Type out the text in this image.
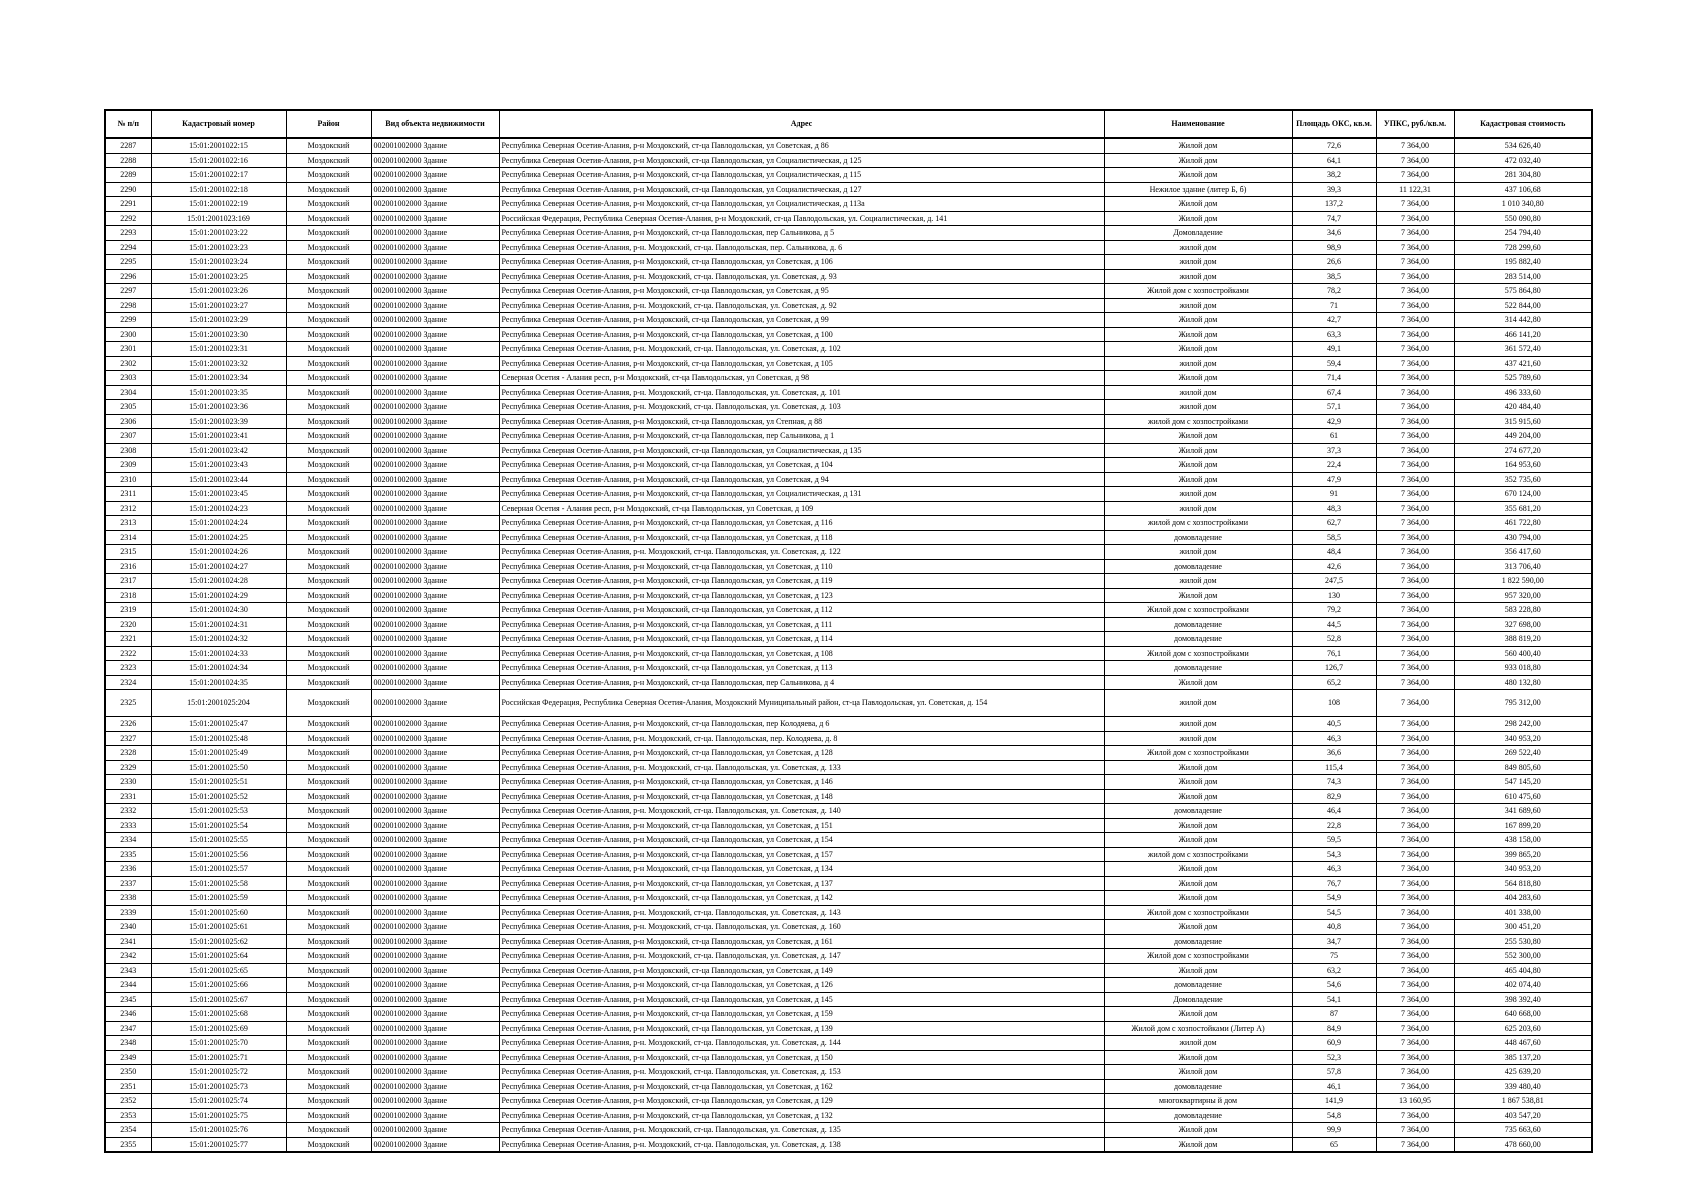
№ п/п	Кадастровый номер	Район	Вид объекта недвижимости	Адрес	Наименование	Площадь ОКС, кв.м.	УПКС, руб./кв.м.	Кадастровая стоимость
2287	15:01:2001022:15	Моздокский	002001002000 Здание	Республика Северная Осетия-Алания, р-н Моздокский, ст-ца Павлодольская, ул Советская, д 86	Жилой дом	72,6	7 364,00	534 626,40
2288	15:01:2001022:16	Моздокский	002001002000 Здание	Республика Северная Осетия-Алания, р-н Моздокский, ст-ца Павлодольская, ул Социалистическая, д 125	Жилой дом	64,1	7 364,00	472 032,40
2289	15:01:2001022:17	Моздокский	002001002000 Здание	Республика Северная Осетия-Алания, р-н Моздокский, ст-ца Павлодольская, ул Социалистическая, д 115	Жилой дом	38,2	7 364,00	281 304,80
2290	15:01:2001022:18	Моздокский	002001002000 Здание	Республика Северная Осетия-Алания, р-н Моздокский, ст-ца Павлодольская, ул Социалистическая, д 127	Нежилое здание (литер Б, б)	39,3	11 122,31	437 106,68
2291	15:01:2001022:19	Моздокский	002001002000 Здание	Республика Северная Осетия-Алания, р-н Моздокский, ст-ца Павлодольская, ул Социалистическая, д 113а	Жилой дом	137,2	7 364,00	1 010 340,80
2292	15:01:2001023:169	Моздокский	002001002000 Здание	Российская Федерация, Республика Северная Осетия-Алания, р-н Моздокский, ст-ца Павлодольская, ул. Социалистическая, д. 141	Жилой дом	74,7	7 364,00	550 090,80
2293	15:01:2001023:22	Моздокский	002001002000 Здание	Республика Северная Осетия-Алания, р-н Моздокский, ст-ца Павлодольская, пер Сальникова, д 5	Домовладение	34,6	7 364,00	254 794,40
2294	15:01:2001023:23	Моздокский	002001002000 Здание	Республика Северная Осетия-Алания, р-н. Моздокский, ст-ца. Павлодольская, пер. Сальникова, д. 6	жилой дом	98,9	7 364,00	728 299,60
2295	15:01:2001023:24	Моздокский	002001002000 Здание	Республика Северная Осетия-Алания, р-н Моздокский, ст-ца Павлодольская, ул Советская, д 106	жилой дом	26,6	7 364,00	195 882,40
2296	15:01:2001023:25	Моздокский	002001002000 Здание	Республика Северная Осетия-Алания, р-н. Моздокский, ст-ца. Павлодольская, ул. Советская, д. 93	жилой дом	38,5	7 364,00	283 514,00
2297	15:01:2001023:26	Моздокский	002001002000 Здание	Республика Северная Осетия-Алания, р-н Моздокский, ст-ца Павлодольская, ул Советская, д 95	Жилой дом с хозпостройками	78,2	7 364,00	575 864,80
2298	15:01:2001023:27	Моздокский	002001002000 Здание	Республика Северная Осетия-Алания, р-н. Моздокский, ст-ца. Павлодольская, ул. Советская, д. 92	жилой дом	71	7 364,00	522 844,00
2299	15:01:2001023:29	Моздокский	002001002000 Здание	Республика Северная Осетия-Алания, р-н Моздокский, ст-ца Павлодольская, ул Советская, д 99	Жилой дом	42,7	7 364,00	314 442,80
2300	15:01:2001023:30	Моздокский	002001002000 Здание	Республика Северная Осетия-Алания, р-н Моздокский, ст-ца Павлодольская, ул Советская, д 100	Жилой дом	63,3	7 364,00	466 141,20
2301	15:01:2001023:31	Моздокский	002001002000 Здание	Республика Северная Осетия-Алания, р-н. Моздокский, ст-ца. Павлодольская, ул. Советская, д. 102	Жилой дом	49,1	7 364,00	361 572,40
2302	15:01:2001023:32	Моздокский	002001002000 Здание	Республика Северная Осетия-Алания, р-н Моздокский, ст-ца Павлодольская, ул Советская, д 105	жилой дом	59,4	7 364,00	437 421,60
2303	15:01:2001023:34	Моздокский	002001002000 Здание	Северная Осетия - Алания респ, р-н Моздокский, ст-ца Павлодольская, ул Советская, д 98	Жилой дом	71,4	7 364,00	525 789,60
2304	15:01:2001023:35	Моздокский	002001002000 Здание	Республика Северная Осетия-Алания, р-н. Моздокский, ст-ца. Павлодольская, ул. Советская, д. 101	жилой дом	67,4	7 364,00	496 333,60
2305	15:01:2001023:36	Моздокский	002001002000 Здание	Республика Северная Осетия-Алания, р-н. Моздокский, ст-ца. Павлодольская, ул. Советская, д. 103	жилой дом	57,1	7 364,00	420 484,40
2306	15:01:2001023:39	Моздокский	002001002000 Здание	Республика Северная Осетия-Алания, р-н Моздокский, ст-ца Павлодольская, ул Степная, д 88	жилой дом с хозпостройками	42,9	7 364,00	315 915,60
2307	15:01:2001023:41	Моздокский	002001002000 Здание	Республика Северная Осетия-Алания, р-н Моздокский, ст-ца Павлодольская, пер Сальникова, д 1	Жилой дом	61	7 364,00	449 204,00
2308	15:01:2001023:42	Моздокский	002001002000 Здание	Республика Северная Осетия-Алания, р-н Моздокский, ст-ца Павлодольская, ул Социалистическая, д 135	Жилой дом	37,3	7 364,00	274 677,20
2309	15:01:2001023:43	Моздокский	002001002000 Здание	Республика Северная Осетия-Алания, р-н Моздокский, ст-ца Павлодольская, ул Советская, д 104	Жилой дом	22,4	7 364,00	164 953,60
2310	15:01:2001023:44	Моздокский	002001002000 Здание	Республика Северная Осетия-Алания, р-н Моздокский, ст-ца Павлодольская, ул Советская, д 94	Жилой дом	47,9	7 364,00	352 735,60
2311	15:01:2001023:45	Моздокский	002001002000 Здание	Республика Северная Осетия-Алания, р-н Моздокский, ст-ца Павлодольская, ул Социалистическая, д 131	жилой дом	91	7 364,00	670 124,00
2312	15:01:2001024:23	Моздокский	002001002000 Здание	Северная Осетия - Алания респ, р-н Моздокский, ст-ца Павлодольская, ул Советская, д 109	жилой дом	48,3	7 364,00	355 681,20
2313	15:01:2001024:24	Моздокский	002001002000 Здание	Республика Северная Осетия-Алания, р-н Моздокский, ст-ца Павлодольская, ул Советская, д 116	жилой дом с хозпостройками	62,7	7 364,00	461 722,80
2314	15:01:2001024:25	Моздокский	002001002000 Здание	Республика Северная Осетия-Алания, р-н Моздокский, ст-ца Павлодольская, ул Советская, д 118	домовладение	58,5	7 364,00	430 794,00
2315	15:01:2001024:26	Моздокский	002001002000 Здание	Республика Северная Осетия-Алания, р-н. Моздокский, ст-ца. Павлодольская, ул. Советская, д. 122	жилой дом	48,4	7 364,00	356 417,60
2316	15:01:2001024:27	Моздокский	002001002000 Здание	Республика Северная Осетия-Алания, р-н Моздокский, ст-ца Павлодольская, ул Советская, д 110	домовладение	42,6	7 364,00	313 706,40
2317	15:01:2001024:28	Моздокский	002001002000 Здание	Республика Северная Осетия-Алания, р-н Моздокский, ст-ца Павлодольская, ул Советская, д 119	жилой дом	247,5	7 364,00	1 822 590,00
2318	15:01:2001024:29	Моздокский	002001002000 Здание	Республика Северная Осетия-Алания, р-н Моздокский, ст-ца Павлодольская, ул Советская, д 123	Жилой дом	130	7 364,00	957 320,00
2319	15:01:2001024:30	Моздокский	002001002000 Здание	Республика Северная Осетия-Алания, р-н Моздокский, ст-ца Павлодольская, ул Советская, д 112	Жилой дом с хозпостройками	79,2	7 364,00	583 228,80
2320	15:01:2001024:31	Моздокский	002001002000 Здание	Республика Северная Осетия-Алания, р-н Моздокский, ст-ца Павлодольская, ул Советская, д 111	домовладение	44,5	7 364,00	327 698,00
2321	15:01:2001024:32	Моздокский	002001002000 Здание	Республика Северная Осетия-Алания, р-н Моздокский, ст-ца Павлодольская, ул Советская, д 114	домовладение	52,8	7 364,00	388 819,20
2322	15:01:2001024:33	Моздокский	002001002000 Здание	Республика Северная Осетия-Алания, р-н Моздокский, ст-ца Павлодольская, ул Советская, д 108	Жилой дом с хозпостройками	76,1	7 364,00	560 400,40
2323	15:01:2001024:34	Моздокский	002001002000 Здание	Республика Северная Осетия-Алания, р-н Моздокский, ст-ца Павлодольская, ул Советская, д 113	домовладение	126,7	7 364,00	933 018,80
2324	15:01:2001024:35	Моздокский	002001002000 Здание	Республика Северная Осетия-Алания, р-н Моздокский, ст-ца Павлодольская, пер Сальникова, д 4	Жилой дом	65,2	7 364,00	480 132,80
2325	15:01:2001025:204	Моздокский	002001002000 Здание	Российская Федерация, Республика Северная Осетия-Алания, Моздокский Муниципальный район, ст-ца Павлодольская, ул. Советская, д. 154	жилой дом	108	7 364,00	795 312,00
2326	15:01:2001025:47	Моздокский	002001002000 Здание	Республика Северная Осетия-Алания, р-н Моздокский, ст-ца Павлодольская, пер Колодяева, д 6	жилой дом	40,5	7 364,00	298 242,00
2327	15:01:2001025:48	Моздокский	002001002000 Здание	Республика Северная Осетия-Алания, р-н. Моздокский, ст-ца. Павлодольская, пер. Колодяева, д. 8	жилой дом	46,3	7 364,00	340 953,20
2328	15:01:2001025:49	Моздокский	002001002000 Здание	Республика Северная Осетия-Алания, р-н Моздокский, ст-ца Павлодольская, ул Советская, д 128	Жилой дом с хозпостройками	36,6	7 364,00	269 522,40
2329	15:01:2001025:50	Моздокский	002001002000 Здание	Республика Северная Осетия-Алания, р-н. Моздокский, ст-ца. Павлодольская, ул. Советская, д. 133	Жилой дом	115,4	7 364,00	849 805,60
2330	15:01:2001025:51	Моздокский	002001002000 Здание	Республика Северная Осетия-Алания, р-н Моздокский, ст-ца Павлодольская, ул Советская, д 146	Жилой дом	74,3	7 364,00	547 145,20
2331	15:01:2001025:52	Моздокский	002001002000 Здание	Республика Северная Осетия-Алания, р-н Моздокский, ст-ца Павлодольская, ул Советская, д 148	Жилой дом	82,9	7 364,00	610 475,60
2332	15:01:2001025:53	Моздокский	002001002000 Здание	Республика Северная Осетия-Алания, р-н. Моздокский, ст-ца. Павлодольская, ул. Советская, д. 140	домовладение	46,4	7 364,00	341 689,60
2333	15:01:2001025:54	Моздокский	002001002000 Здание	Республика Северная Осетия-Алания, р-н Моздокский, ст-ца Павлодольская, ул Советская, д 151	Жилой дом	22,8	7 364,00	167 899,20
2334	15:01:2001025:55	Моздокский	002001002000 Здание	Республика Северная Осетия-Алания, р-н Моздокский, ст-ца Павлодольская, ул Советская, д 154	Жилой дом	59,5	7 364,00	438 158,00
2335	15:01:2001025:56	Моздокский	002001002000 Здание	Республика Северная Осетия-Алания, р-н Моздокский, ст-ца Павлодольская, ул Советская, д 157	жилой дом с хозпостройками	54,3	7 364,00	399 865,20
2336	15:01:2001025:57	Моздокский	002001002000 Здание	Республика Северная Осетия-Алания, р-н Моздокский, ст-ца Павлодольская, ул Советская, д 134	Жилой дом	46,3	7 364,00	340 953,20
2337	15:01:2001025:58	Моздокский	002001002000 Здание	Республика Северная Осетия-Алания, р-н Моздокский, ст-ца Павлодольская, ул Советская, д 137	Жилой дом	76,7	7 364,00	564 818,80
2338	15:01:2001025:59	Моздокский	002001002000 Здание	Республика Северная Осетия-Алания, р-н Моздокский, ст-ца Павлодольская, ул Советская, д 142	Жилой дом	54,9	7 364,00	404 283,60
2339	15:01:2001025:60	Моздокский	002001002000 Здание	Республика Северная Осетия-Алания, р-н. Моздокский, ст-ца. Павлодольская, ул. Советская, д. 143	Жилой дом с хозпостройками	54,5	7 364,00	401 338,00
2340	15:01:2001025:61	Моздокский	002001002000 Здание	Республика Северная Осетия-Алания, р-н. Моздокский, ст-ца. Павлодольская, ул. Советская, д. 160	Жилой дом	40,8	7 364,00	300 451,20
2341	15:01:2001025:62	Моздокский	002001002000 Здание	Республика Северная Осетия-Алания, р-н Моздокский, ст-ца Павлодольская, ул Советская, д 161	домовладение	34,7	7 364,00	255 530,80
2342	15:01:2001025:64	Моздокский	002001002000 Здание	Республика Северная Осетия-Алания, р-н. Моздокский, ст-ца. Павлодольская, ул. Советская, д. 147	Жилой дом с хозпостройками	75	7 364,00	552 300,00
2343	15:01:2001025:65	Моздокский	002001002000 Здание	Республика Северная Осетия-Алания, р-н Моздокский, ст-ца Павлодольская, ул Советская, д 149	Жилой дом	63,2	7 364,00	465 404,80
2344	15:01:2001025:66	Моздокский	002001002000 Здание	Республика Северная Осетия-Алания, р-н Моздокский, ст-ца Павлодольская, ул Советская, д 126	домовладение	54,6	7 364,00	402 074,40
2345	15:01:2001025:67	Моздокский	002001002000 Здание	Республика Северная Осетия-Алания, р-н Моздокский, ст-ца Павлодольская, ул Советская, д 145	Домовладение	54,1	7 364,00	398 392,40
2346	15:01:2001025:68	Моздокский	002001002000 Здание	Республика Северная Осетия-Алания, р-н Моздокский, ст-ца Павлодольская, ул Советская, д 159	Жилой дом	87	7 364,00	640 668,00
2347	15:01:2001025:69	Моздокский	002001002000 Здание	Республика Северная Осетия-Алания, р-н Моздокский, ст-ца Павлодольская, ул Советская, д 139	Жилой дом с хозпостойками (Литер А)	84,9	7 364,00	625 203,60
2348	15:01:2001025:70	Моздокский	002001002000 Здание	Республика Северная Осетия-Алания, р-н. Моздокский, ст-ца. Павлодольская, ул. Советская, д. 144	жилой дом	60,9	7 364,00	448 467,60
2349	15:01:2001025:71	Моздокский	002001002000 Здание	Республика Северная Осетия-Алания, р-н Моздокский, ст-ца Павлодольская, ул Советская, д 150	Жилой дом	52,3	7 364,00	385 137,20
2350	15:01:2001025:72	Моздокский	002001002000 Здание	Республика Северная Осетия-Алания, р-н. Моздокский, ст-ца. Павлодольская, ул. Советская, д. 153	Жилой дом	57,8	7 364,00	425 639,20
2351	15:01:2001025:73	Моздокский	002001002000 Здание	Республика Северная Осетия-Алания, р-н Моздокский, ст-ца Павлодольская, ул Советская, д 162	домовладение	46,1	7 364,00	339 480,40
2352	15:01:2001025:74	Моздокский	002001002000 Здание	Республика Северная Осетия-Алания, р-н Моздокский, ст-ца Павлодольская, ул Советская, д 129	многоквартирны й дом	141,9	13 160,95	1 867 538,81
2353	15:01:2001025:75	Моздокский	002001002000 Здание	Республика Северная Осетия-Алания, р-н Моздокский, ст-ца Павлодольская, ул Советская, д 132	домовладение	54,8	7 364,00	403 547,20
2354	15:01:2001025:76	Моздокский	002001002000 Здание	Республика Северная Осетия-Алания, р-н. Моздокский, ст-ца. Павлодольская, ул. Советская, д. 135	Жилой дом	99,9	7 364,00	735 663,60
2355	15:01:2001025:77	Моздокский	002001002000 Здание	Республика Северная Осетия-Алания, р-н. Моздокский, ст-ца. Павлодольская, ул. Советская, д. 138	Жилой дом	65	7 364,00	478 660,00
